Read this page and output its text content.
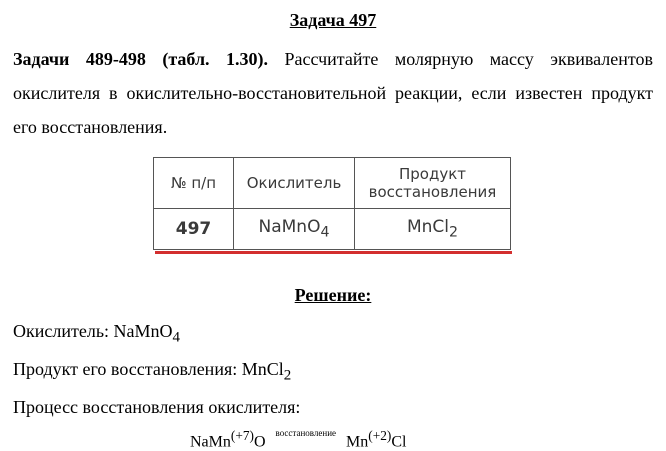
Задача 497
Задачи 489-498 (табл. 1.30). Рассчитайте молярную массу эквивалентов окислителя в окислительно-восстановительной реакции, если известен продукт его восстановления.
№ п/п	Окислитель	Продукт восстановления

497	NaMnO$_4$	MnCl$_2$
Решение:
Окислитель: NaMnO$_4$
Продукт его восстановления: MnCl$_2$
Процесс восстановления окислителя:
NaMn$^{(+7)}$O $^{восстановление}$ $Mn^{(+2)}Cl$
